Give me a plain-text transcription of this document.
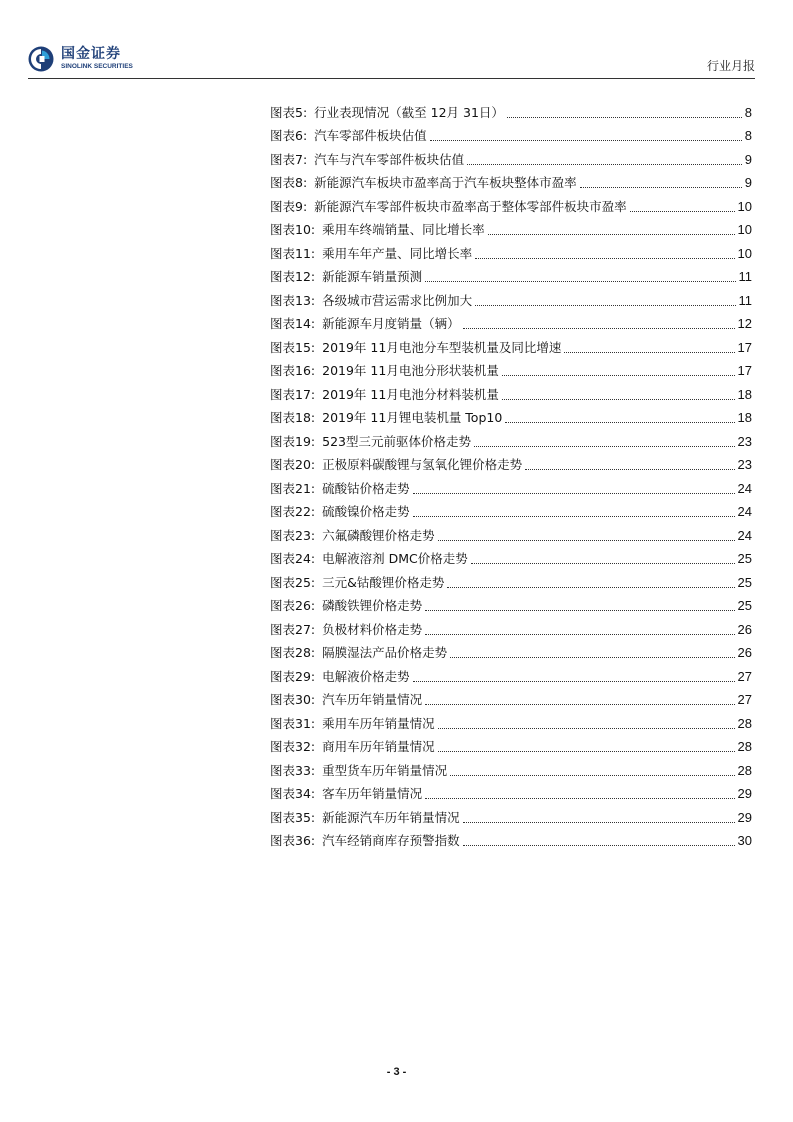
国金证券
SINOLINK SECURITIES	行业月报
图表5: 行业表现情况（截至 12月 31日）	8
图表6: 汽车零部件板块估值	8
图表7: 汽车与汽车零部件板块估值	9
图表8: 新能源汽车板块市盈率高于汽车板块整体市盈率	9
图表9: 新能源汽车零部件板块市盈率高于整体零部件板块市盈率	10
图表10: 乘用车终端销量、同比增长率	10
图表11: 乘用车年产量、同比增长率	10
图表12: 新能源车销量预测	11
图表13: 各级城市营运需求比例加大	11
图表14: 新能源车月度销量（辆）	12
图表15: 2019年 11月电池分车型装机量及同比增速	17
图表16: 2019年 11月电池分形状装机量	17
图表17: 2019年 11月电池分材料装机量	18
图表18: 2019年 11月锂电装机量 Top10	18
图表19: 523型三元前驱体价格走势	23
图表20: 正极原料碳酸锂与氢氧化锂价格走势	23
图表21: 硫酸钴价格走势	24
图表22: 硫酸镍价格走势	24
图表23: 六氟磷酸锂价格走势	24
图表24: 电解液溶剂 DMC价格走势	25
图表25: 三元&钴酸锂价格走势	25
图表26: 磷酸铁锂价格走势	25
图表27: 负极材料价格走势	26
图表28: 隔膜湿法产品价格走势	26
图表29: 电解液价格走势	27
图表30: 汽车历年销量情况	27
图表31: 乘用车历年销量情况	28
图表32: 商用车历年销量情况	28
图表33: 重型货车历年销量情况	28
图表34: 客车历年销量情况	29
图表35: 新能源汽车历年销量情况	29
图表36: 汽车经销商库存预警指数	30
- 3 -
